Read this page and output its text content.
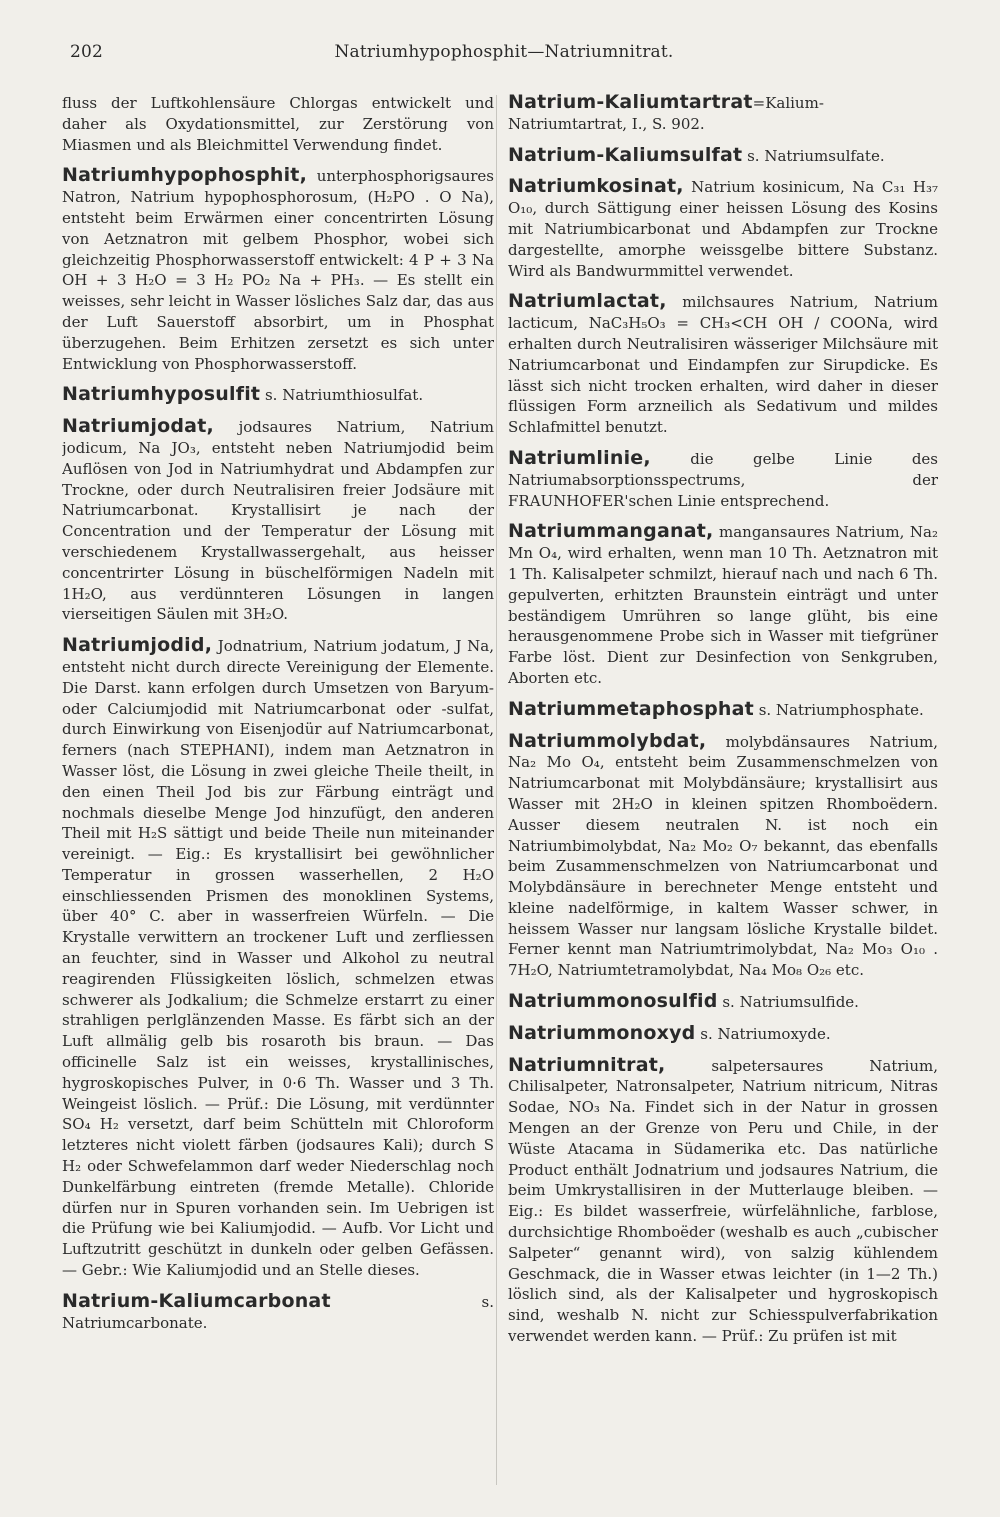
202	Natriumhypophosphit—Natriumnitrat.

fluss der Luftkohlensäure Chlorgas entwickelt und daher als Oxydationsmittel, zur Zerstörung von Miasmen und als Bleichmittel Verwendung findet.

Natriumhypophosphit, unterphosphorigsaures Natron, Natrium hypophosphorosum, (H₂PO . O Na), entsteht beim Erwärmen einer concentrirten Lösung von Aetznatron mit gelbem Phosphor, wobei sich gleichzeitig Phosphorwasserstoff entwickelt: 4 P + 3 Na OH + 3 H₂O = 3 H₂ PO₂ Na + PH₃. — Es stellt ein weisses, sehr leicht in Wasser lösliches Salz dar, das aus der Luft Sauerstoff absorbirt, um in Phosphat überzugehen. Beim Erhitzen zersetzt es sich unter Entwicklung von Phosphorwasserstoff.

Natriumhyposulfit s. Natriumthiosulfat.

Natriumjodat, jodsaures Natrium, Natrium jodicum, Na JO₃, entsteht neben Natriumjodid beim Auflösen von Jod in Natriumhydrat und Abdampfen zur Trockne, oder durch Neutralisiren freier Jodsäure mit Natriumcarbonat. Krystallisirt je nach der Concentration und der Temperatur der Lösung mit verschiedenem Krystallwassergehalt, aus heisser concentrirter Lösung in büschelförmigen Nadeln mit 1H₂O, aus verdünnteren Lösungen in langen vierseitigen Säulen mit 3H₂O.

Natriumjodid, Jodnatrium, Natrium jodatum, J Na, entsteht nicht durch directe Vereinigung der Elemente. Die Darst. kann erfolgen durch Umsetzen von Baryum- oder Calciumjodid mit Natriumcarbonat oder -sulfat, durch Einwirkung von Eisenjodür auf Natriumcarbonat, ferners (nach STEPHANI), indem man Aetznatron in Wasser löst, die Lösung in zwei gleiche Theile theilt, in den einen Theil Jod bis zur Färbung einträgt und nochmals dieselbe Menge Jod hinzufügt, den anderen Theil mit H₂S sättigt und beide Theile nun miteinander vereinigt. — Eig.: Es krystallisirt bei gewöhnlicher Temperatur in grossen wasserhellen, 2 H₂O einschliessenden Prismen des monoklinen Systems, über 40° C. aber in wasserfreien Würfeln. — Die Krystalle verwittern an trockener Luft und zerfliessen an feuchter, sind in Wasser und Alkohol zu neutral reagirenden Flüssigkeiten löslich, schmelzen etwas schwerer als Jodkalium; die Schmelze erstarrt zu einer strahligen perlglänzenden Masse. Es färbt sich an der Luft allmälig gelb bis rosaroth bis braun. — Das officinelle Salz ist ein weisses, krystallinisches, hygroskopisches Pulver, in 0·6 Th. Wasser und 3 Th. Weingeist löslich. — Prüf.: Die Lösung, mit verdünnter SO₄ H₂ versetzt, darf beim Schütteln mit Chloroform letzteres nicht violett färben (jodsaures Kali); durch S H₂ oder Schwefelammon darf weder Niederschlag noch Dunkelfärbung eintreten (fremde Metalle). Chloride dürfen nur in Spuren vorhanden sein. Im Uebrigen ist die Prüfung wie bei Kaliumjodid. — Aufb. Vor Licht und Luftzutritt geschützt in dunkeln oder gelben Gefässen. — Gebr.: Wie Kaliumjodid und an Stelle dieses.

Natrium-Kaliumcarbonat s. Natriumcarbonate.

Natrium-Kaliumtartrat=Kalium-Natriumtartrat, I., S. 902.

Natrium-Kaliumsulfat s. Natriumsulfate.

Natriumkosinat, Natrium kosinicum, Na C₃₁ H₃₇ O₁₀, durch Sättigung einer heissen Lösung des Kosins mit Natriumbicarbonat und Abdampfen zur Trockne dargestellte, amorphe weissgelbe bittere Substanz. Wird als Bandwurmmittel verwendet.

Natriumlactat, milchsaures Natrium, Natrium lacticum, NaC₃H₅O₃ = CH₃<CH OH / COONa, wird erhalten durch Neutralisiren wässeriger Milchsäure mit Natriumcarbonat und Eindampfen zur Sirupdicke. Es lässt sich nicht trocken erhalten, wird daher in dieser flüssigen Form arzneilich als Sedativum und mildes Schlafmittel benutzt.

Natriumlinie, die gelbe Linie des Natriumabsorptionsspectrums, der FRAUNHOFER'schen Linie entsprechend.

Natriummanganat, mangansaures Natrium, Na₂ Mn O₄, wird erhalten, wenn man 10 Th. Aetznatron mit 1 Th. Kalisalpeter schmilzt, hierauf nach und nach 6 Th. gepulverten, erhitzten Braunstein einträgt und unter beständigem Umrühren so lange glüht, bis eine herausgenommene Probe sich in Wasser mit tiefgrüner Farbe löst. Dient zur Desinfection von Senkgruben, Aborten etc.

Natriummetaphosphat s. Natriumphosphate.

Natriummolybdat, molybdänsaures Natrium, Na₂ Mo O₄, entsteht beim Zusammenschmelzen von Natriumcarbonat mit Molybdänsäure; krystallisirt aus Wasser mit 2H₂O in kleinen spitzen Rhomboëdern. Ausser diesem neutralen N. ist noch ein Natriumbimolybdat, Na₂ Mo₂ O₇ bekannt, das ebenfalls beim Zusammenschmelzen von Natriumcarbonat und Molybdänsäure in berechneter Menge entsteht und kleine nadelförmige, in kaltem Wasser schwer, in heissem Wasser nur langsam lösliche Krystalle bildet. Ferner kennt man Natriumtrimolybdat, Na₂ Mo₃ O₁₀ . 7H₂O, Natriumtetramolybdat, Na₄ Mo₈ O₂₆ etc.

Natriummonosulfid s. Natriumsulfide.

Natriummonoxyd s. Natriumoxyde.

Natriumnitrat, salpetersaures Natrium, Chilisalpeter, Natronsalpeter, Natrium nitricum, Nitras Sodae, NO₃ Na. Findet sich in der Natur in grossen Mengen an der Grenze von Peru und Chile, in der Wüste Atacama in Südamerika etc. Das natürliche Product enthält Jodnatrium und jodsaures Natrium, die beim Umkrystallisiren in der Mutterlauge bleiben. — Eig.: Es bildet wasserfreie, würfelähnliche, farblose, durchsichtige Rhomboëder (weshalb es auch „cubischer Salpeter“ genannt wird), von salzig kühlendem Geschmack, die in Wasser etwas leichter (in 1—2 Th.) löslich sind, als der Kalisalpeter und hygroskopisch sind, weshalb N. nicht zur Schiesspulverfabrikation verwendet werden kann. — Prüf.: Zu prüfen ist mit
